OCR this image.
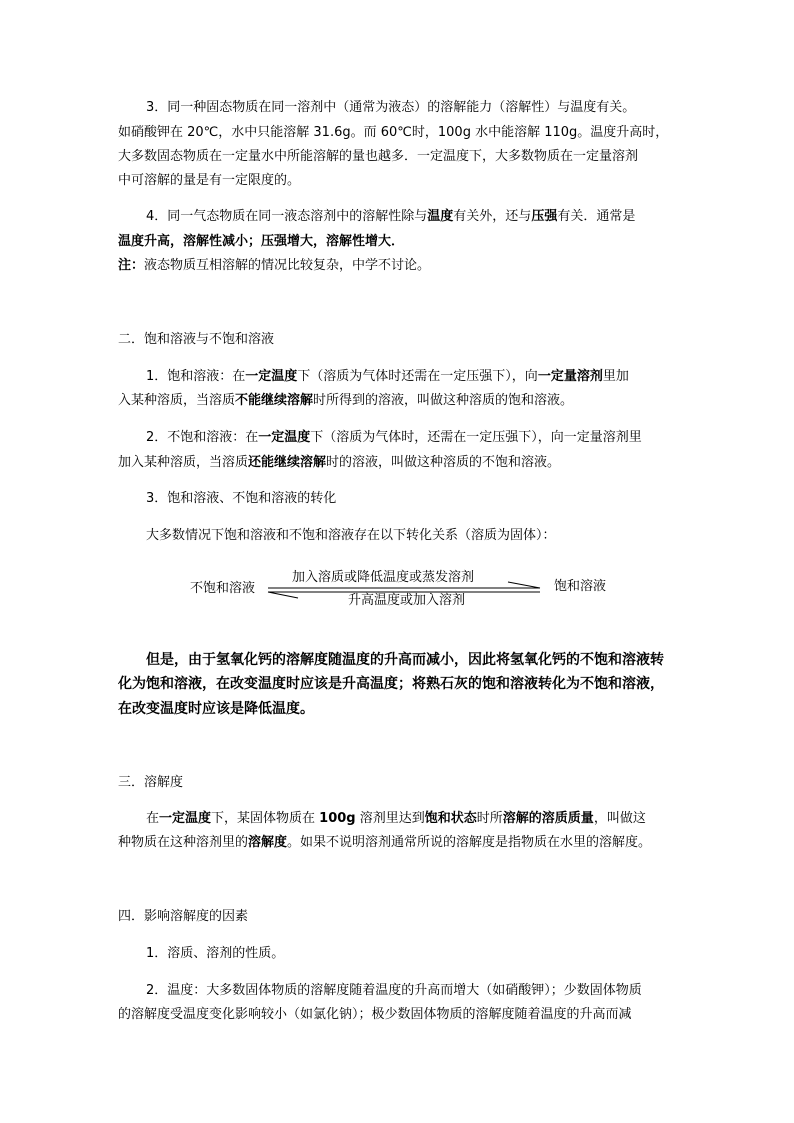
3．同一种固态物质在同一溶剂中（通常为液态）的溶解能力（溶解性）与温度有关。
如硝酸钾在 20℃，水中只能溶解 31.6g。而 60℃时，100g 水中能溶解 110g。温度升高时，
大多数固态物质在一定量水中所能溶解的量也越多．一定温度下，大多数物质在一定量溶剂
中可溶解的量是有一定限度的。
4．同一气态物质在同一液态溶剂中的溶解性除与温度有关外，还与压强有关．通常是
温度升高，溶解性减小；压强增大，溶解性增大．
注：液态物质互相溶解的情况比较复杂，中学不讨论。
二．饱和溶液与不饱和溶液
1．饱和溶液：在一定温度下（溶质为气体时还需在一定压强下），向一定量溶剂里加
入某种溶质，当溶质不能继续溶解时所得到的溶液，叫做这种溶质的饱和溶液。
2．不饱和溶液：在一定温度下（溶质为气体时，还需在一定压强下），向一定量溶剂里
加入某种溶质，当溶质还能继续溶解时的溶液，叫做这种溶质的不饱和溶液。
3．饱和溶液、不饱和溶液的转化
大多数情况下饱和溶液和不饱和溶液存在以下转化关系（溶质为固体）：
不饱和溶液
加入溶质或降低温度或蒸发溶剂
升高温度或加入溶剂
饱和溶液
但是，由于氢氧化钙的溶解度随温度的升高而减小，因此将氢氧化钙的不饱和溶液转
化为饱和溶液，在改变温度时应该是升高温度；将熟石灰的饱和溶液转化为不饱和溶液，
在改变温度时应该是降低温度。
三．溶解度
在一定温度下，某固体物质在 100g 溶剂里达到饱和状态时所溶解的溶质质量，叫做这
种物质在这种溶剂里的溶解度。如果不说明溶剂通常所说的溶解度是指物质在水里的溶解度。
四．影响溶解度的因素
1．溶质、溶剂的性质。
2．温度：大多数固体物质的溶解度随着温度的升高而增大（如硝酸钾）；少数固体物质
的溶解度受温度变化影响较小（如氯化钠）；极少数固体物质的溶解度随着温度的升高而减
